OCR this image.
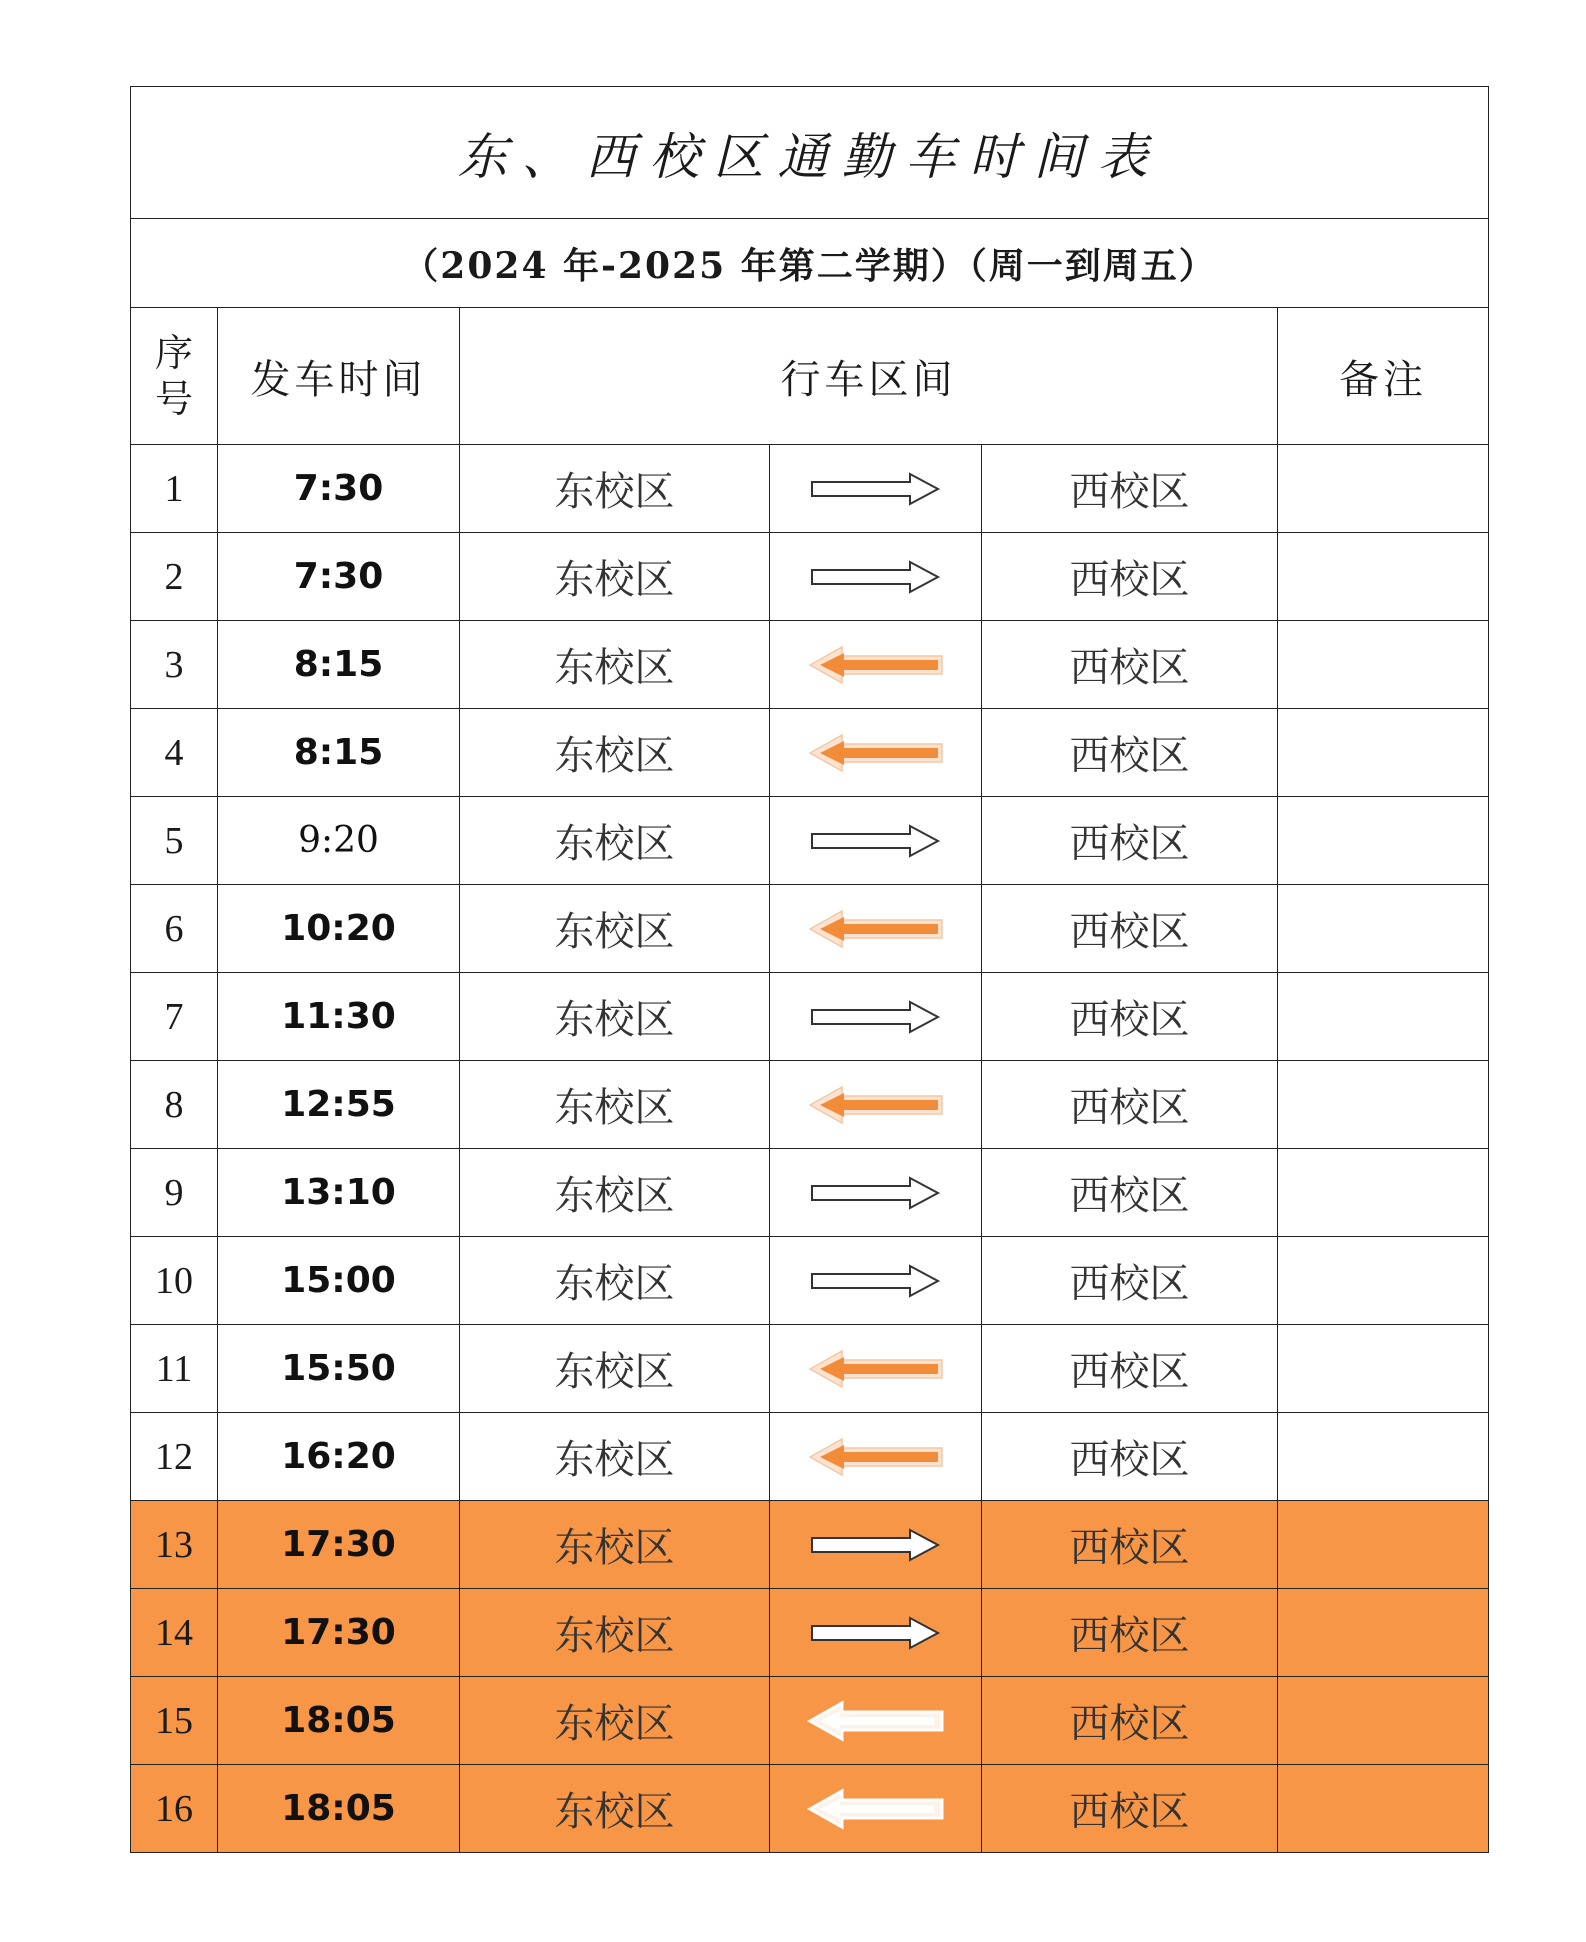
东、西校区通勤车时间表					
（2024 年-2025 年第二学期）（周一到周五）					

序
号	发车时间	行车区间			备注
1	7:30	东校区		西校区	
2	7:30	东校区		西校区	
3	8:15	东校区		西校区	
4	8:15	东校区		西校区	
5	9:20	东校区		西校区	
6	10:20	东校区		西校区	
7	11:30	东校区		西校区	
8	12:55	东校区		西校区	
9	13:10	东校区		西校区	
10	15:00	东校区		西校区	
11	15:50	东校区		西校区	
12	16:20	东校区		西校区	
13	17:30	东校区		西校区	
14	17:30	东校区		西校区	
15	18:05	东校区		西校区	
16	18:05	东校区		西校区	
